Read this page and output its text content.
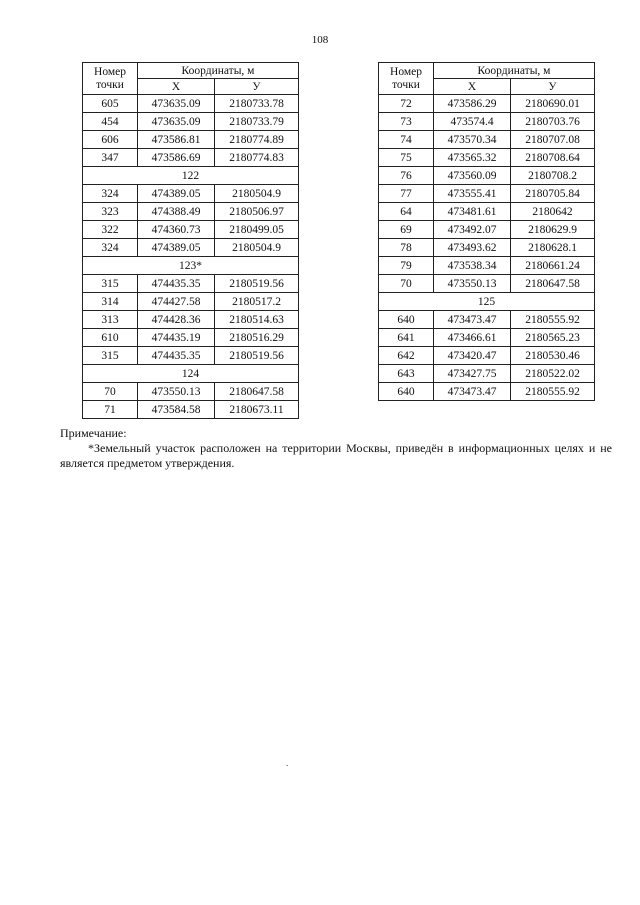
108
Номер точки	Координаты, м	
	X	У
605	473635.09	2180733.78
454	473635.09	2180733.79
606	473586.81	2180774.89
347	473586.69	2180774.83
122		
324	474389.05	2180504.9
323	474388.49	2180506.97
322	474360.73	2180499.05
324	474389.05	2180504.9
123*		
315	474435.35	2180519.56
314	474427.58	2180517.2
313	474428.36	2180514.63
610	474435.19	2180516.29
315	474435.35	2180519.56
124		
70	473550.13	2180647.58
71	473584.58	2180673.11
Номер точки	Координаты, м	
	X	У
72	473586.29	2180690.01
73	473574.4	2180703.76
74	473570.34	2180707.08
75	473565.32	2180708.64
76	473560.09	2180708.2
77	473555.41	2180705.84
64	473481.61	2180642
69	473492.07	2180629.9
78	473493.62	2180628.1
79	473538.34	2180661.24
70	473550.13	2180647.58
125		
640	473473.47	2180555.92
641	473466.61	2180565.23
642	473420.47	2180530.46
643	473427.75	2180522.02
640	473473.47	2180555.92
Примечание:
*Земельный участок расположен на территории Москвы, приведён в информационных целях и не является предметом утверждения.
.
